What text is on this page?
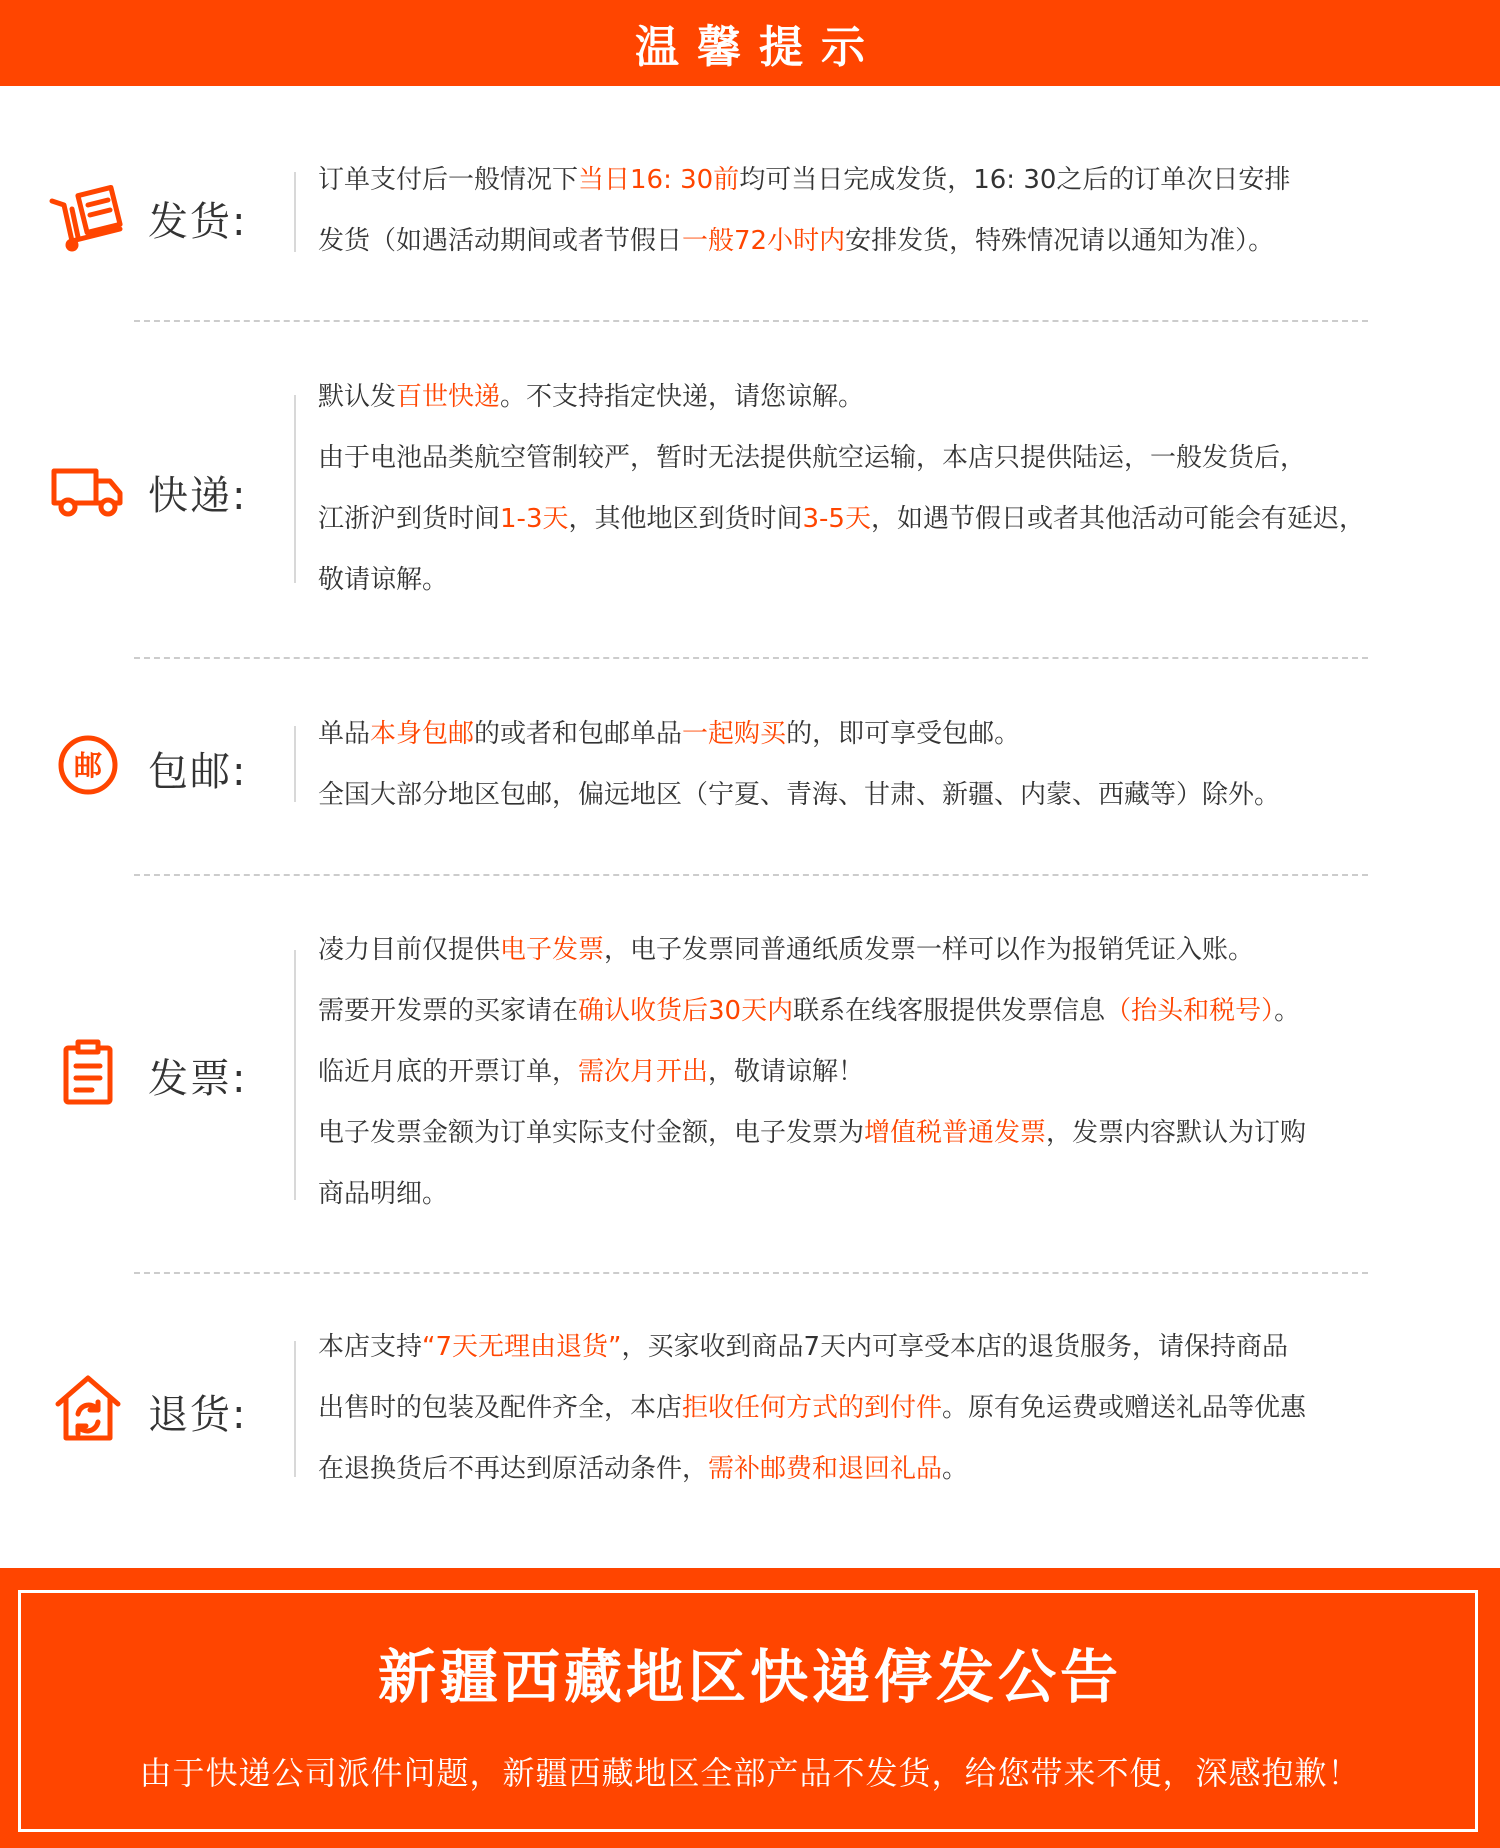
温馨提示
发货:

订单支付后一般情况下当日16: 30前均可当日完成发货，16: 30之后的订单次日安排

发货（如遇活动期间或者节假日一般72小时内安排发货，特殊情况请以通知为准）。

快递:

默认发百世快递。不支持指定快递，请您谅解。

由于电池品类航空管制较严，暂时无法提供航空运输，本店只提供陆运，一般发货后，

江浙沪到货时间1-3天，其他地区到货时间3-5天，如遇节假日或者其他活动可能会有延迟，

敬请谅解。

邮 包邮:

单品本身包邮的或者和包邮单品一起购买的，即可享受包邮。

全国大部分地区包邮，偏远地区（宁夏、青海、甘肃、新疆、内蒙、西藏等）除外。

发票:

凌力目前仅提供电子发票，电子发票同普通纸质发票一样可以作为报销凭证入账。

需要开发票的买家请在确认收货后30天内联系在线客服提供发票信息（抬头和税号）。

临近月底的开票订单，需次月开出，敬请谅解！

电子发票金额为订单实际支付金额，电子发票为增值税普通发票，发票内容默认为订购

商品明细。

退货:

本店支持“7天无理由退货”，买家收到商品7天内可享受本店的退货服务，请保持商品

出售时的包装及配件齐全，本店拒收任何方式的到付件。原有免运费或赠送礼品等优惠

在退换货后不再达到原活动条件，需补邮费和退回礼品。

新疆西藏地区快递停发公告
由于快递公司派件问题，新疆西藏地区全部产品不发货，给您带来不便，深感抱歉！
